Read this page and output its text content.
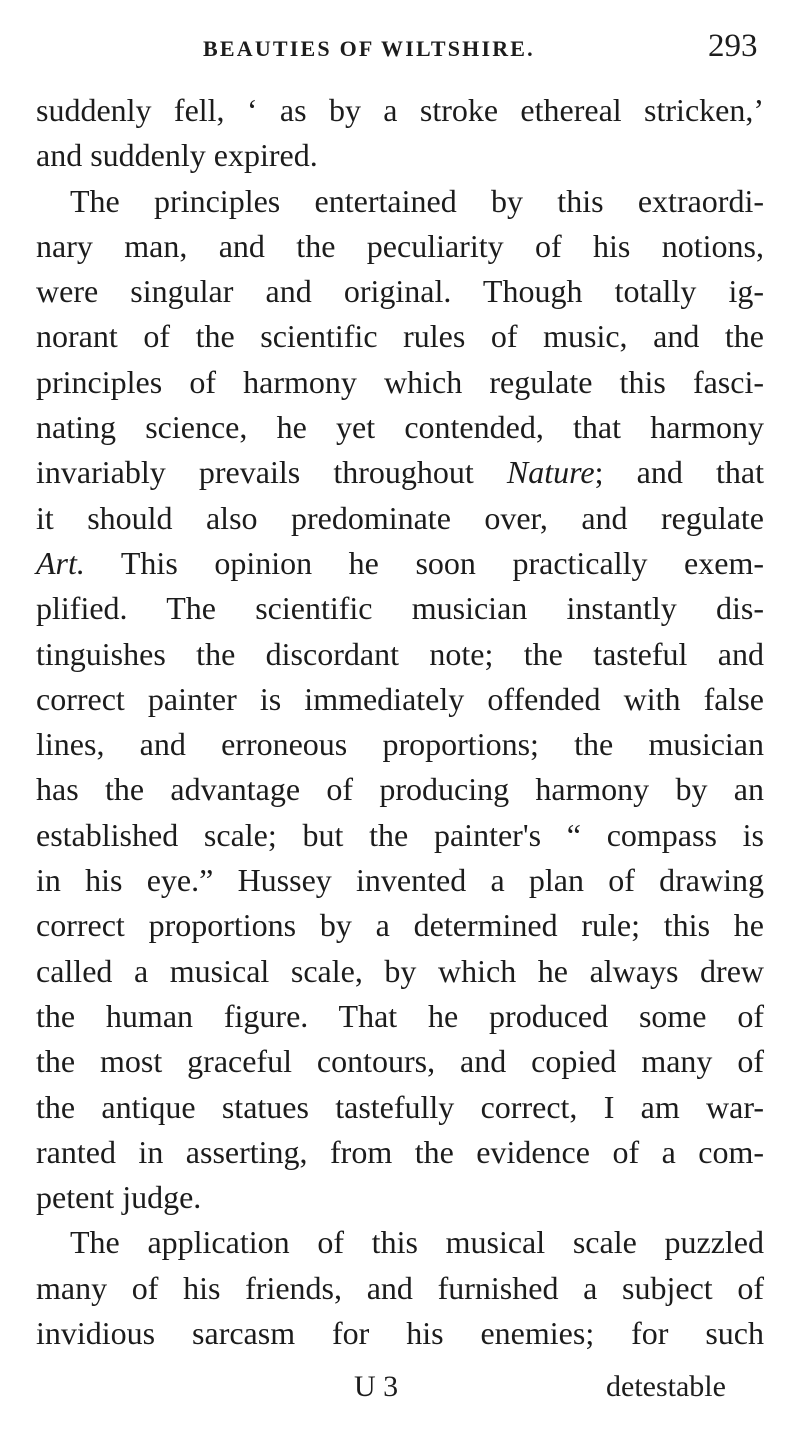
BEAUTIES OF WILTSHIRE.	293
suddenly fell, ‘ as by a stroke ethereal stricken,’
and suddenly expired.
The principles entertained by this extraordi-
nary man, and the peculiarity of his notions,
were singular and original. Though totally ig-
norant of the scientific rules of music, and the
principles of harmony which regulate this fasci-
nating science, he yet contended, that harmony
invariably prevails throughout Nature; and that
it should also predominate over, and regulate
Art. This opinion he soon practically exem-
plified. The scientific musician instantly dis-
tinguishes the discordant note; the tasteful and
correct painter is immediately offended with false
lines, and erroneous proportions; the musician
has the advantage of producing harmony by an
established scale; but the painter's “ compass is
in his eye.” Hussey invented a plan of drawing
correct proportions by a determined rule; this he
called a musical scale, by which he always drew
the human figure. That he produced some of
the most graceful contours, and copied many of
the antique statues tastefully correct, I am war-
ranted in asserting, from the evidence of a com-
petent judge.
The application of this musical scale puzzled
many of his friends, and furnished a subject of
invidious sarcasm for his enemies; for such
U 3	detestable
